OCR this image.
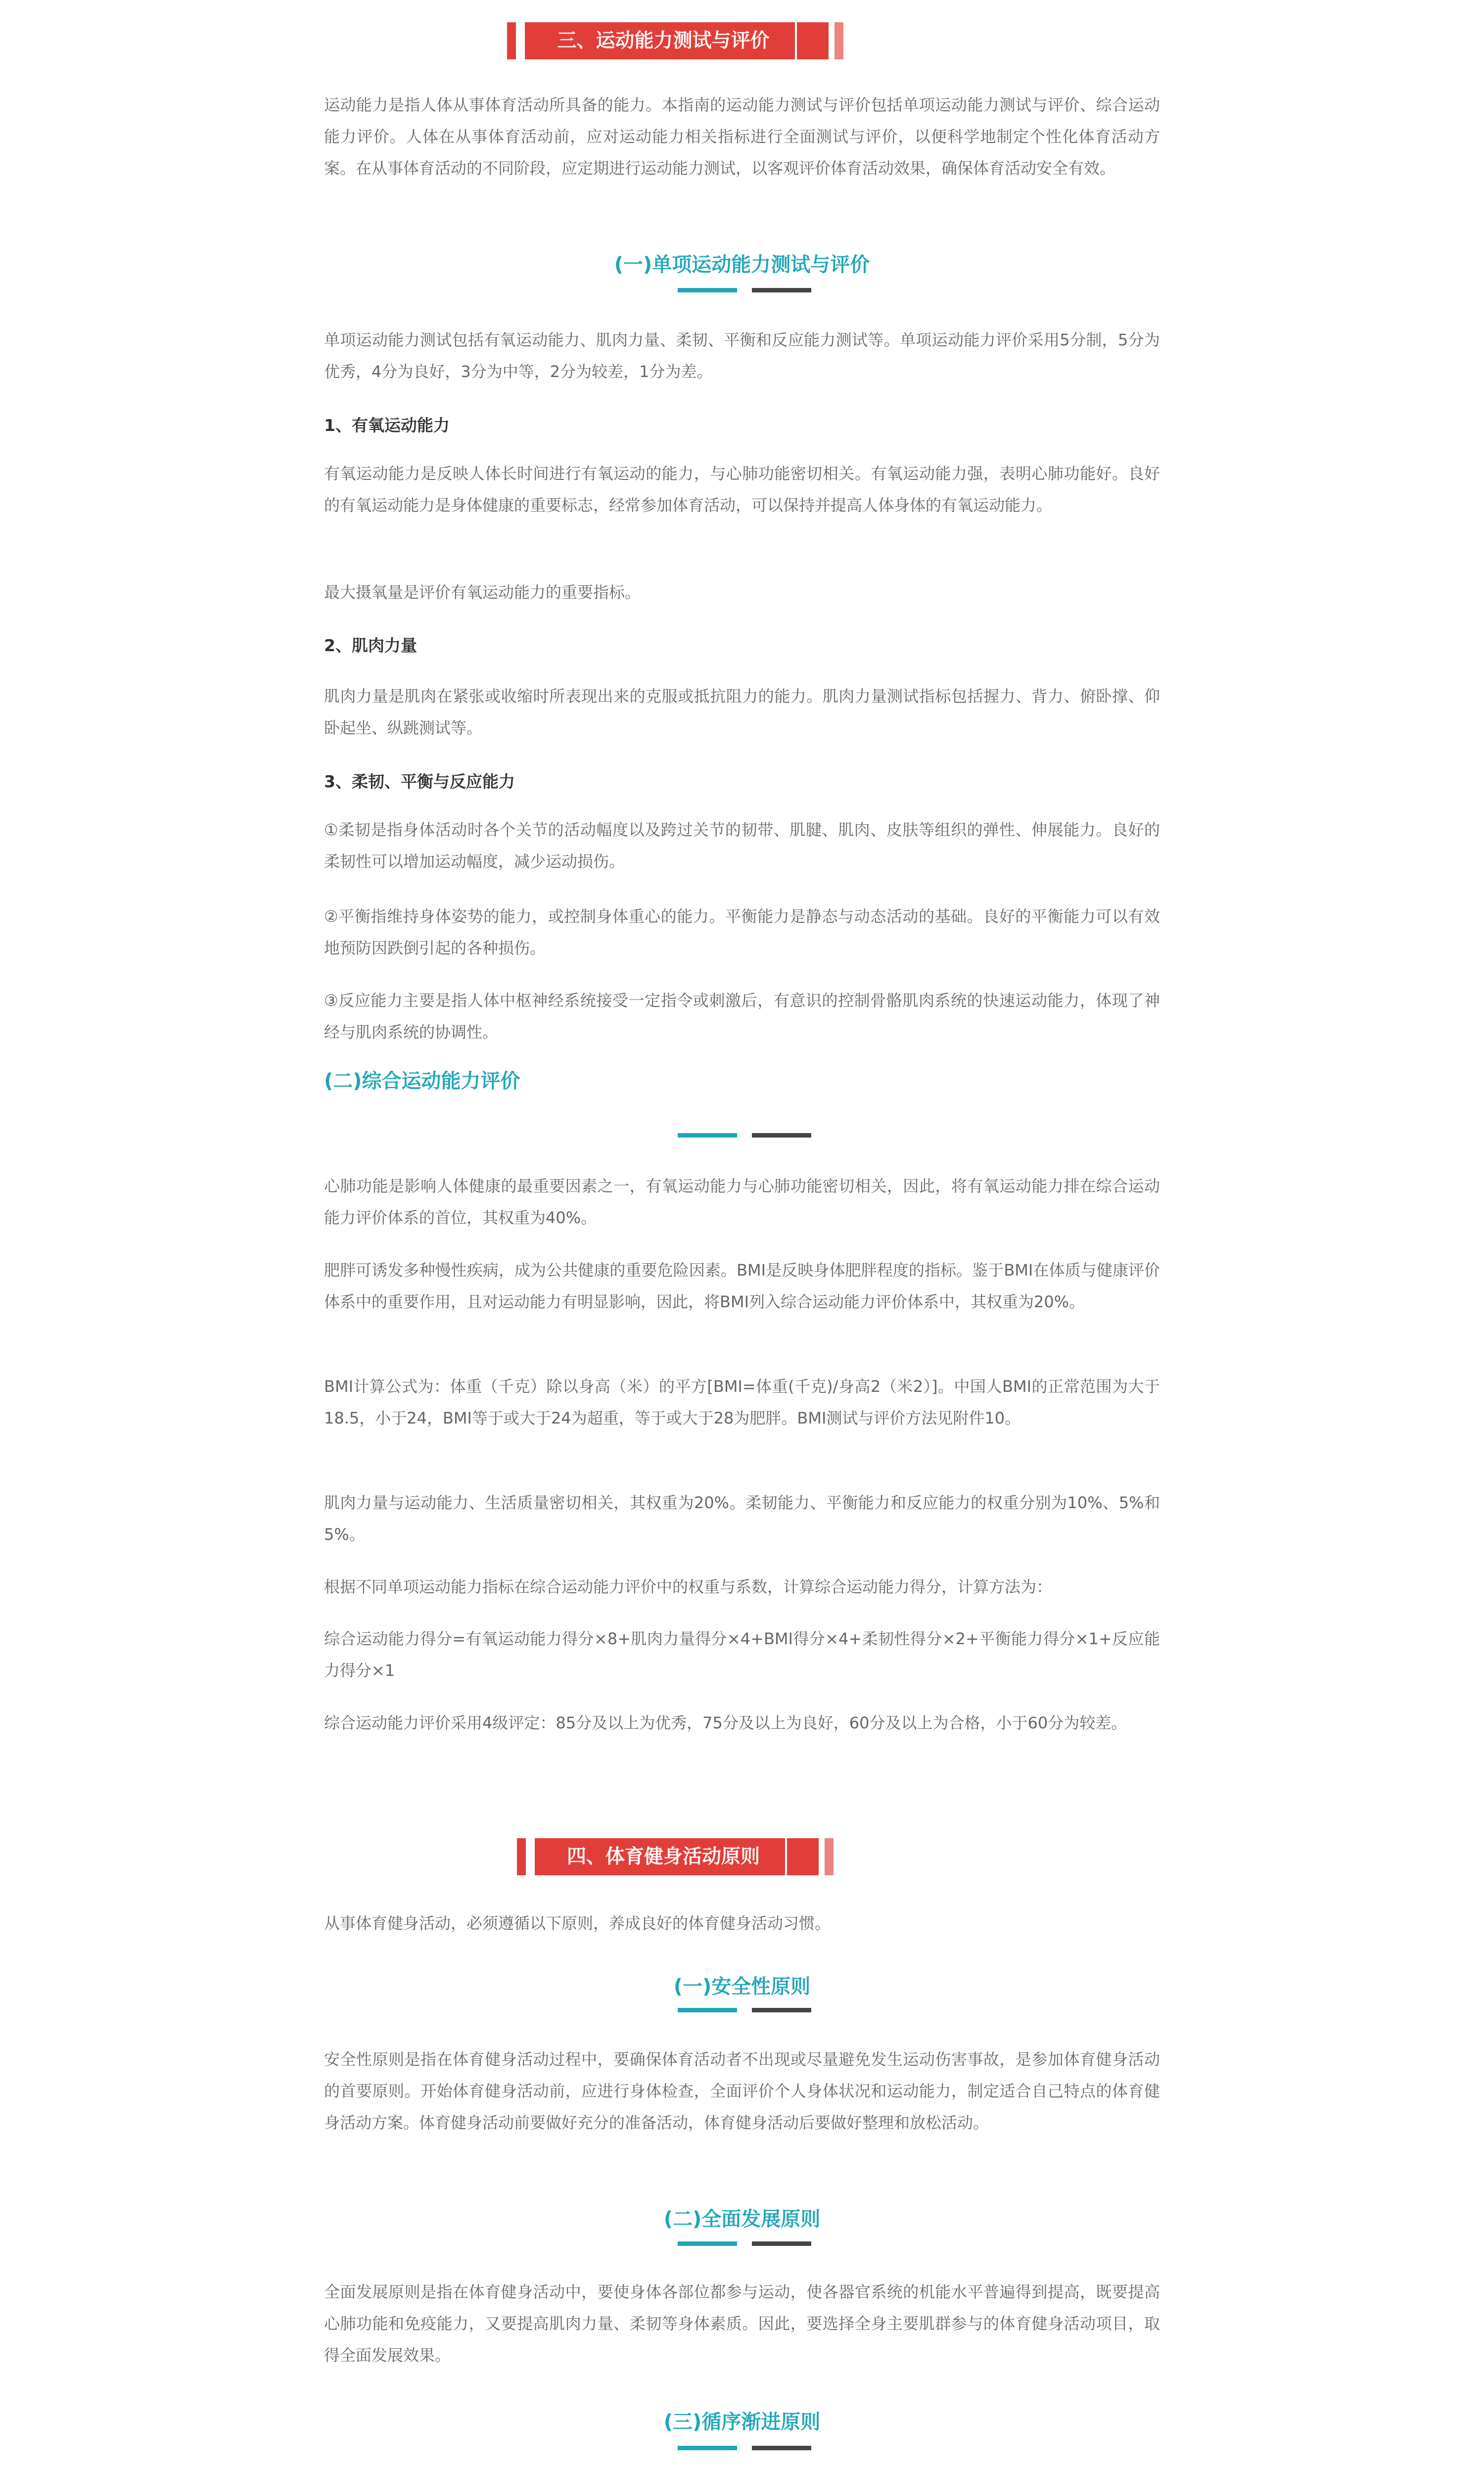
三、运动能力测试与评价

运动能力是指人体从事体育活动所具备的能力。本指南的运动能力测试与评价包括单项运动能力测试与评价、综合运动能力评价。人体在从事体育活动前，应对运动能力相关指标进行全面测试与评价，以便科学地制定个性化体育活动方案。在从事体育活动的不同阶段，应定期进行运动能力测试，以客观评价体育活动效果，确保体育活动安全有效。

(一)单项运动能力测试与评价

单项运动能力测试包括有氧运动能力、肌肉力量、柔韧、平衡和反应能力测试等。单项运动能力评价采用5分制，5分为优秀，4分为良好，3分为中等，2分为较差，1分为差。

1、有氧运动能力

有氧运动能力是反映人体长时间进行有氧运动的能力，与心肺功能密切相关。有氧运动能力强，表明心肺功能好。良好的有氧运动能力是身体健康的重要标志，经常参加体育活动，可以保持并提高人体身体的有氧运动能力。

最大摄氧量是评价有氧运动能力的重要指标。

2、肌肉力量

肌肉力量是肌肉在紧张或收缩时所表现出来的克服或抵抗阻力的能力。肌肉力量测试指标包括握力、背力、俯卧撑、仰卧起坐、纵跳测试等。

3、柔韧、平衡与反应能力

①柔韧是指身体活动时各个关节的活动幅度以及跨过关节的韧带、肌腱、肌肉、皮肤等组织的弹性、伸展能力。良好的柔韧性可以增加运动幅度，减少运动损伤。

②平衡指维持身体姿势的能力，或控制身体重心的能力。平衡能力是静态与动态活动的基础。良好的平衡能力可以有效地预防因跌倒引起的各种损伤。

③反应能力主要是指人体中枢神经系统接受一定指令或刺激后，有意识的控制骨骼肌肉系统的快速运动能力，体现了神经与肌肉系统的协调性。

(二)综合运动能力评价

心肺功能是影响人体健康的最重要因素之一，有氧运动能力与心肺功能密切相关，因此，将有氧运动能力排在综合运动能力评价体系的首位，其权重为40%。

肥胖可诱发多种慢性疾病，成为公共健康的重要危险因素。BMI是反映身体肥胖程度的指标。鉴于BMI在体质与健康评价体系中的重要作用，且对运动能力有明显影响，因此，将BMI列入综合运动能力评价体系中，其权重为20%。

BMI计算公式为：体重（千克）除以身高（米）的平方[BMI=体重(千克)/身高2（米2）]。中国人BMI的正常范围为大于18.5，小于24，BMI等于或大于24为超重，等于或大于28为肥胖。BMI测试与评价方法见附件10。

肌肉力量与运动能力、生活质量密切相关，其权重为20%。柔韧能力、平衡能力和反应能力的权重分别为10%、5%和5%。

根据不同单项运动能力指标在综合运动能力评价中的权重与系数，计算综合运动能力得分，计算方法为：

综合运动能力得分=有氧运动能力得分×8+肌肉力量得分×4+BMI得分×4+柔韧性得分×2+平衡能力得分×1+反应能力得分×1

综合运动能力评价采用4级评定：85分及以上为优秀，75分及以上为良好，60分及以上为合格，小于60分为较差。

四、体育健身活动原则

从事体育健身活动，必须遵循以下原则，养成良好的体育健身活动习惯。

(一)安全性原则

安全性原则是指在体育健身活动过程中，要确保体育活动者不出现或尽量避免发生运动伤害事故，是参加体育健身活动的首要原则。开始体育健身活动前，应进行身体检查，全面评价个人身体状况和运动能力，制定适合自己特点的体育健身活动方案。体育健身活动前要做好充分的准备活动，体育健身活动后要做好整理和放松活动。

(二)全面发展原则

全面发展原则是指在体育健身活动中，要使身体各部位都参与运动，使各器官系统的机能水平普遍得到提高，既要提高心肺功能和免疫能力，又要提高肌肉力量、柔韧等身体素质。因此，要选择全身主要肌群参与的体育健身活动项目，取得全面发展效果。

(三)循序渐进原则
